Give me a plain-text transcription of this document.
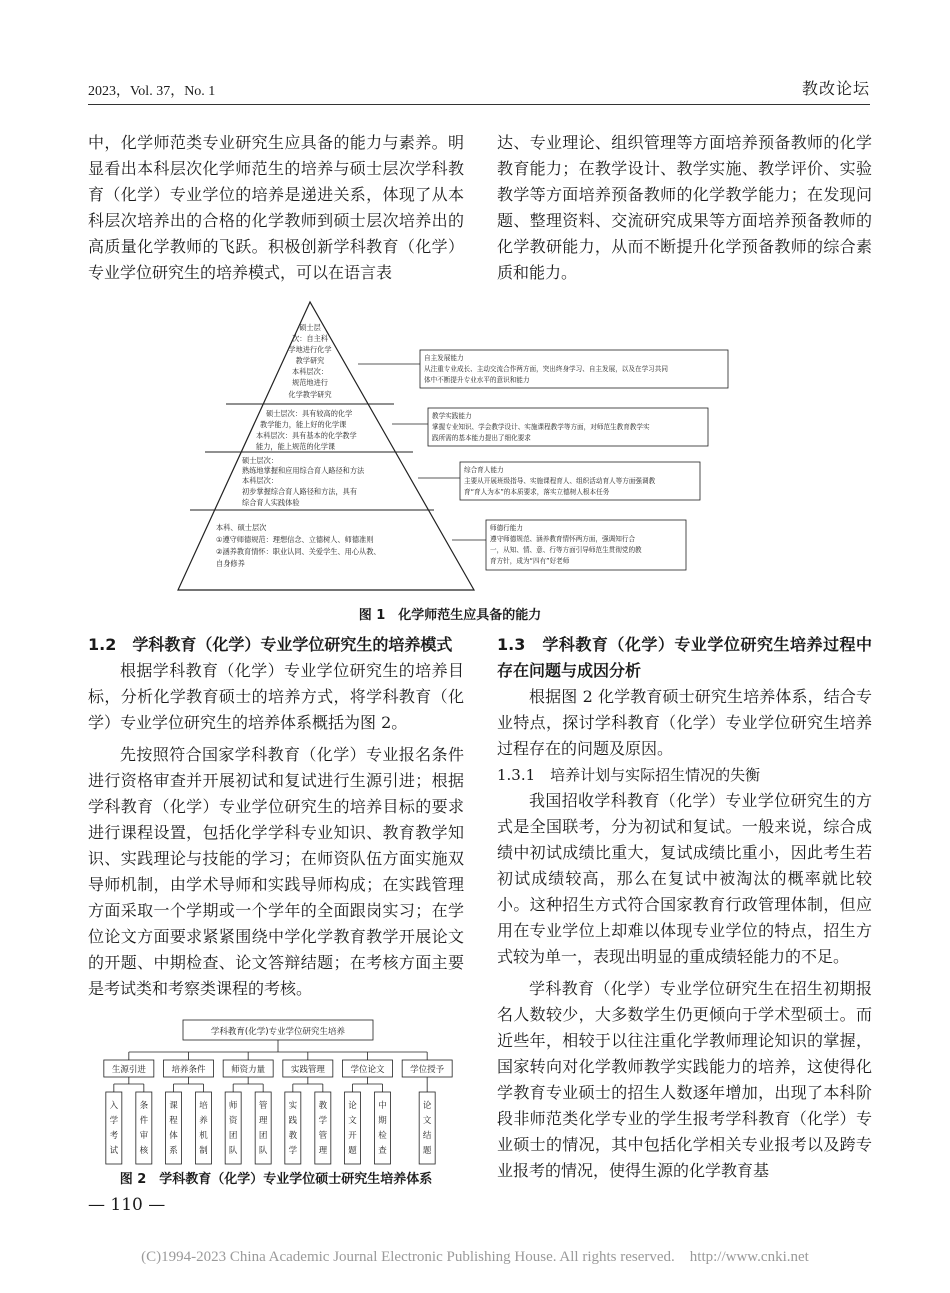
2023，Vol. 37，No. 1	教改论坛

中，化学师范类专业研究生应具备的能力与素养。明显看出本科层次化学师范生的培养与硕士层次学科教育（化学）专业学位的培养是递进关系，体现了从本科层次培养出的合格的化学教师到硕士层次培养出的高质量化学教师的飞跃。积极创新学科教育（化学）专业学位研究生的培养模式，可以在语言表

达、专业理论、组织管理等方面培养预备教师的化学教育能力；在教学设计、教学实施、教学评价、实验教学等方面培养预备教师的化学教学能力；在发现问题、整理资料、交流研究成果等方面培养预备教师的化学教研能力，从而不断提升化学预备教师的综合素质和能力。

硕士层
次：自主科
学地进行化学
教学研究
本科层次：
规范地进行
化学教学研究
硕士层次：具有较高的化学
教学能力，能上好的化学课
本科层次：具有基本的化学教学
能力，能上规范的化学课
硕士层次：
熟练地掌握和应用综合育人路径和方法
本科层次：
初步掌握综合育人路径和方法，具有
综合育人实践体验
本科、硕士层次
①遵守师德规范：理想信念、立德树人、师德准则
②涵养教育情怀：职业认同、关爱学生、用心从教、
自身修养
自主发展能力
从注重专业成长、主动交流合作两方面，突出终身学习、自主发展，以及在学习共同
体中不断提升专业水平的意识和能力
教学实践能力
掌握专业知识、学会教学设计、实施课程教学等方面，对师范生教育教学实
践所需的基本能力提出了细化要求
综合育人能力
主要从开展班级指导、实施课程育人、组织活动育人等方面强调教
育“育人为本”的本质要求，落实立德树人根本任务
师德行能力
遵守师德规范、涵养教育情怀两方面，强调知行合
一，从知、情、意、行等方面引导师范生贯彻党的教
育方针，成为“四有”好老师
图 1　化学师范生应具备的能力

1.2　学科教育（化学）专业学位研究生的培养模式

根据学科教育（化学）专业学位研究生的培养目标，分析化学教育硕士的培养方式，将学科教育（化学）专业学位研究生的培养体系概括为图 2。

先按照符合国家学科教育（化学）专业报名条件进行资格审查并开展初试和复试进行生源引进；根据学科教育（化学）专业学位研究生的培养目标的要求进行课程设置，包括化学学科专业知识、教育教学知识、实践理论与技能的学习；在师资队伍方面实施双导师机制，由学术导师和实践导师构成；在实践管理方面采取一个学期或一个学年的全面跟岗实习；在学位论文方面要求紧紧围绕中学化学教育教学开展论文的开题、中期检查、论文答辩结题；在考核方面主要是考试类和考察类课程的考核。

学科教育(化学)专业学位研究生培养
生源引进
入
学
考
试
条
件
审
核
培养条件
课
程
体
系
培
养
机
制
师资力量
师
资
团
队
管
理
团
队
实践管理
实
践
教
学
教
学
管
理
学位论文
论
文
开
题
中
期
检
查
学位授予
论
文
结
题
图 2　学科教育（化学）专业学位硕士研究生培养体系

1.3　学科教育（化学）专业学位研究生培养过程中存在问题与成因分析

根据图 2 化学教育硕士研究生培养体系，结合专业特点，探讨学科教育（化学）专业学位研究生培养过程存在的问题及原因。

1.3.1　培养计划与实际招生情况的失衡

我国招收学科教育（化学）专业学位研究生的方式是全国联考，分为初试和复试。一般来说，综合成绩中初试成绩比重大，复试成绩比重小，因此考生若初试成绩较高，那么在复试中被淘汰的概率就比较小。这种招生方式符合国家教育行政管理体制，但应用在专业学位上却难以体现专业学位的特点，招生方式较为单一，表现出明显的重成绩轻能力的不足。

学科教育（化学）专业学位研究生在招生初期报名人数较少，大多数学生仍更倾向于学术型硕士。而近些年，相较于以往注重化学教师理论知识的掌握，国家转向对化学教师教学实践能力的培养，这使得化学教育专业硕士的招生人数逐年增加，出现了本科阶段非师范类化学专业的学生报考学科教育（化学）专业硕士的情况，其中包括化学相关专业报考以及跨专业报考的情况，使得生源的化学教育基

— 110 —
(C)1994-2023 China Academic Journal Electronic Publishing House. All rights reserved.　http://www.cnki.net
